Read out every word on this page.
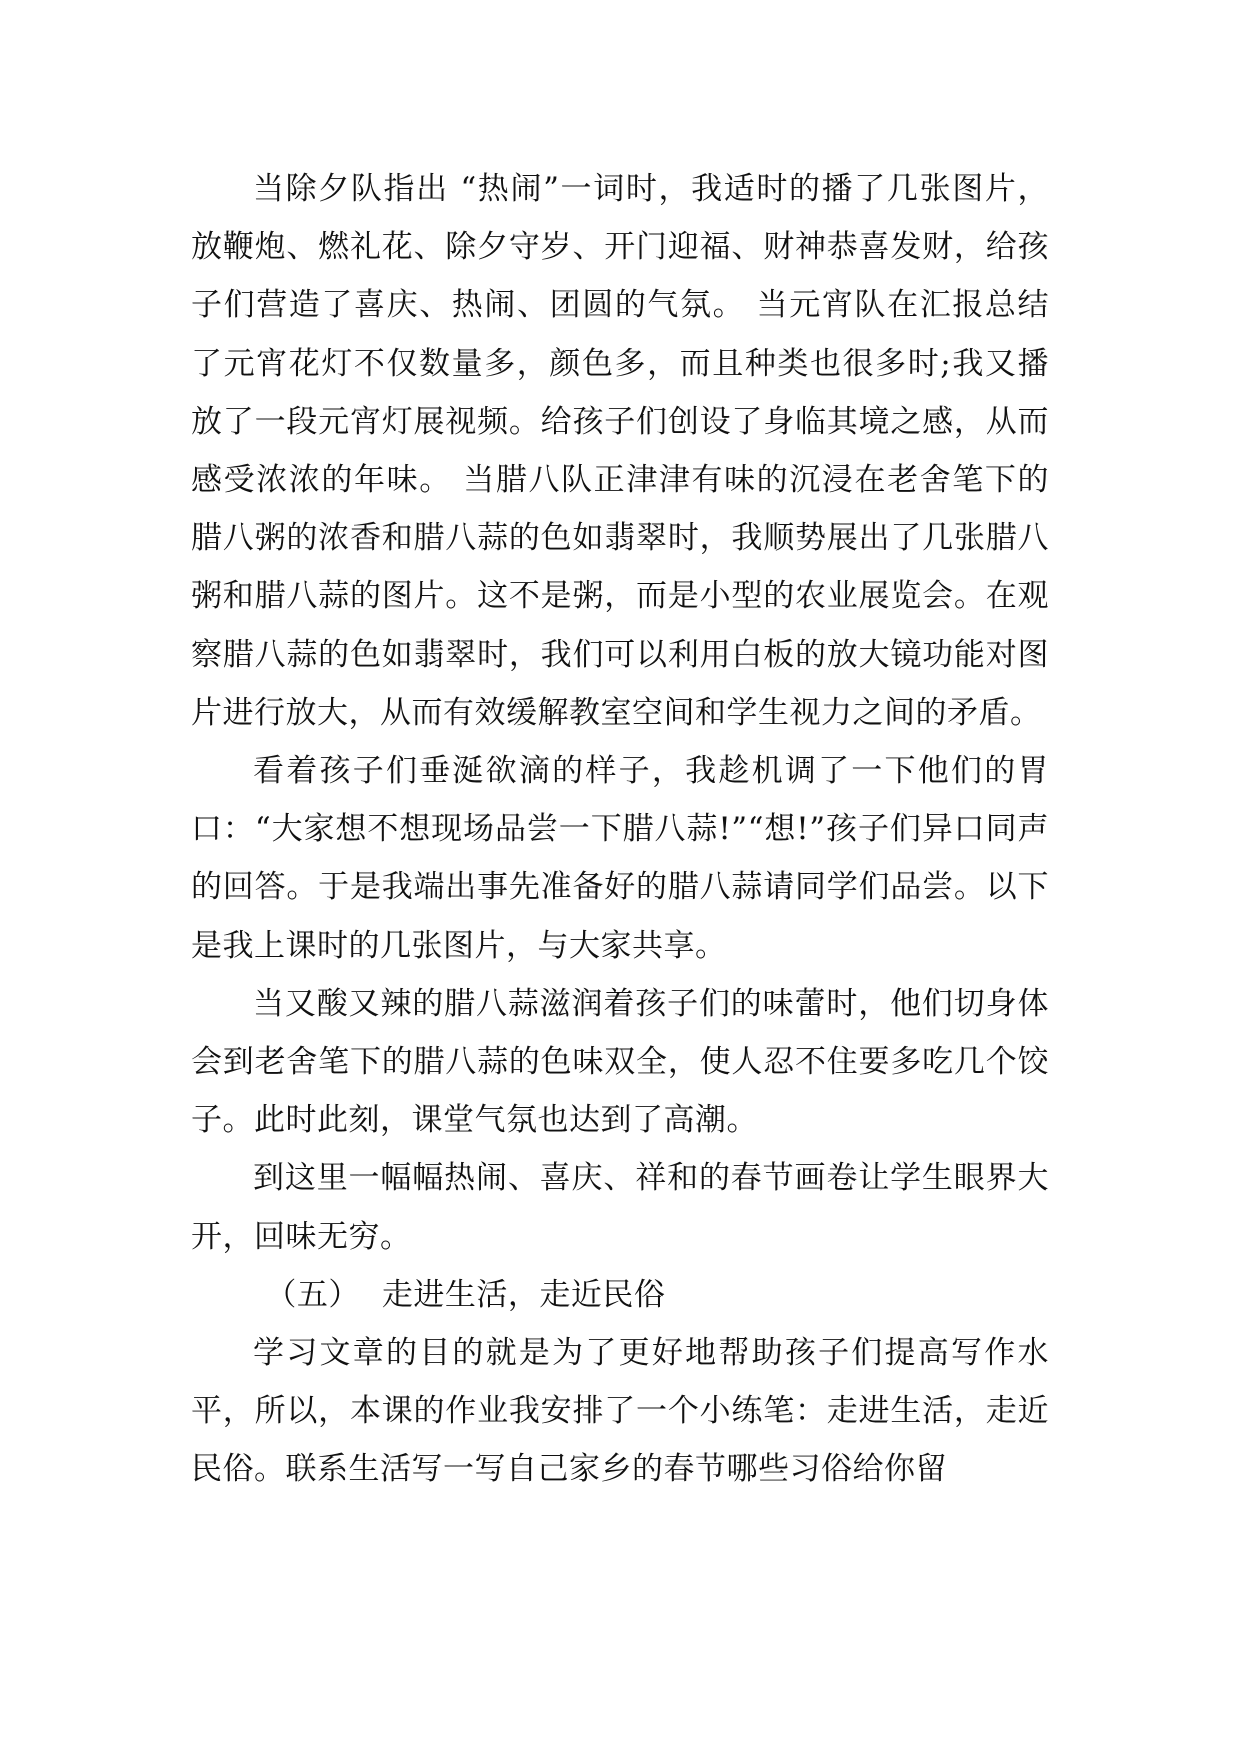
当除夕队指出 “热闹”一词时，我适时的播了几张图片，放鞭炮、燃礼花、除夕守岁、开门迎福、财神恭喜发财，给孩子们营造了喜庆、热闹、团圆的气氛。 当元宵队在汇报总结了元宵花灯不仅数量多，颜色多，而且种类也很多时;我又播放了一段元宵灯展视频。给孩子们创设了身临其境之感，从而感受浓浓的年味。 当腊八队正津津有味的沉浸在老舍笔下的腊八粥的浓香和腊八蒜的色如翡翠时，我顺势展出了几张腊八粥和腊八蒜的图片。这不是粥，而是小型的农业展览会。在观察腊八蒜的色如翡翠时，我们可以利用白板的放大镜功能对图片进行放大，从而有效缓解教室空间和学生视力之间的矛盾。

看着孩子们垂涎欲滴的样子，我趁机调了一下他们的胃口：“大家想不想现场品尝一下腊八蒜!”“想!”孩子们异口同声的回答。于是我端出事先准备好的腊八蒜请同学们品尝。以下是我上课时的几张图片，与大家共享。

当又酸又辣的腊八蒜滋润着孩子们的味蕾时，他们切身体会到老舍笔下的腊八蒜的色味双全，使人忍不住要多吃几个饺子。此时此刻，课堂气氛也达到了高潮。

到这里一幅幅热闹、喜庆、祥和的春节画卷让学生眼界大开，回味无穷。

（五） 走进生活，走近民俗

学习文章的目的就是为了更好地帮助孩子们提高写作水平，所以，本课的作业我安排了一个小练笔：走进生活，走近民俗。联系生活写一写自己家乡的春节哪些习俗给你留
